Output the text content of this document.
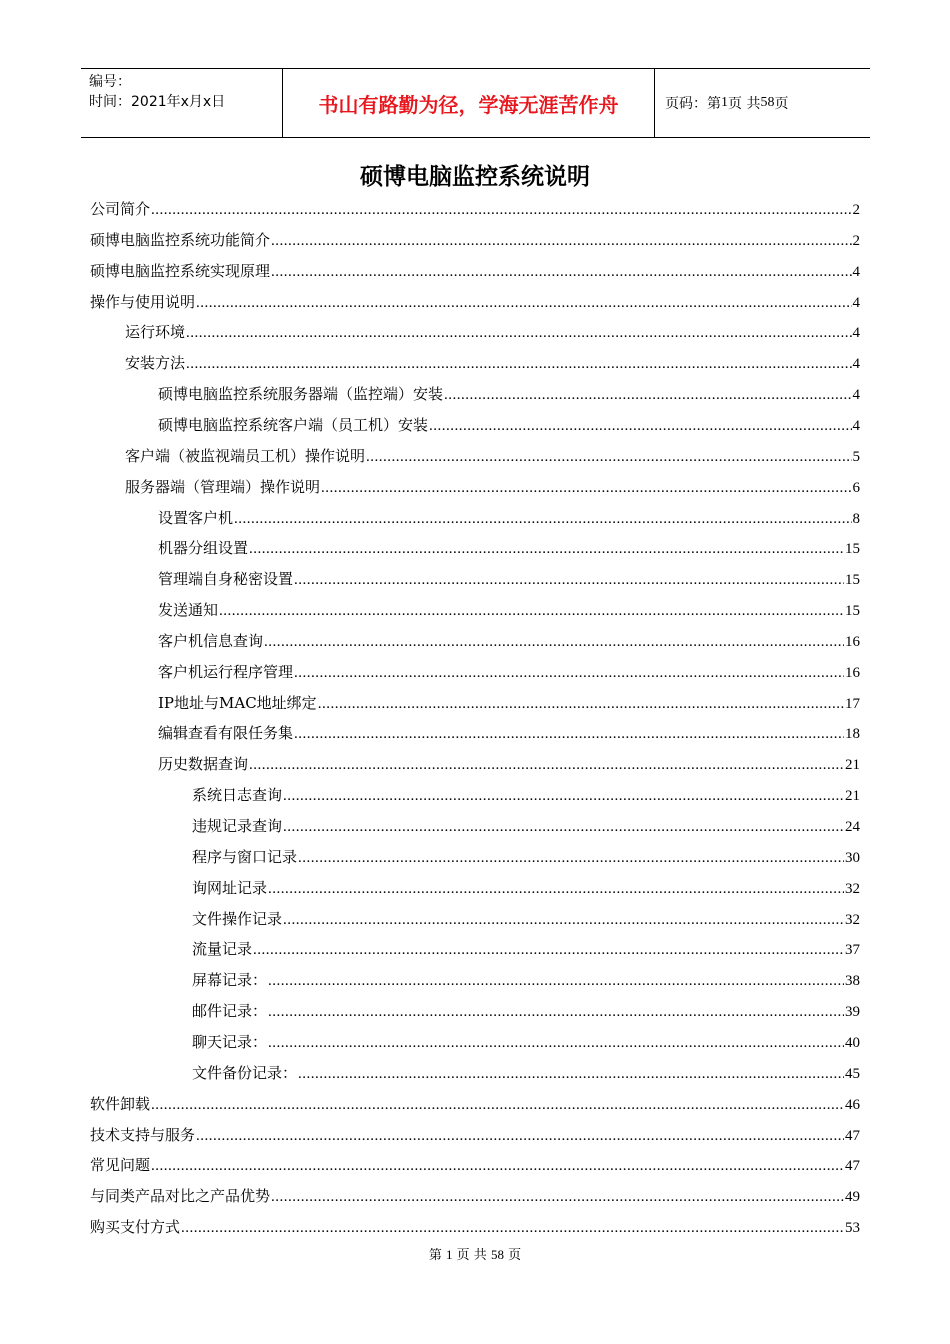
编号：
时间：2021年x月x日	书山有路勤为径，学海无涯苦作舟	页码：第 1 页 共 58 页
硕博电脑监控系统说明
公司简介 .....	2
硕博电脑监控系统功能简介 .....	2
硕博电脑监控系统实现原理 .....	4
操作与使用说明 .....	4
运行环境 .....	4
安装方法 .....	4
硕博电脑监控系统服务器端（监控端）安装 .....	4
硕博电脑监控系统客户端（员工机）安装 .....	4
客户端（被监视端员工机）操作说明 .....	5
服务器端（管理端）操作说明 .....	6
设置客户机 .....	8
机器分组设置 .....	15
管理端自身秘密设置 .....	15
发送通知 .....	15
客户机信息查询 .....	16
客户机运行程序管理 .....	16
IP地址与MAC地址绑定 .....	17
编辑查看有限任务集 .....	18
历史数据查询 .....	21
系统日志查询 .....	21
违规记录查询 .....	24
程序与窗口记录 .....	30
询网址记录 .....	32
文件操作记录 .....	32
流量记录 .....	37
屏幕记录： .....	38
邮件记录： .....	39
聊天记录： .....	40
文件备份记录： .....	45
软件卸载 .....	46
技术支持与服务 .....	47
常见问题 .....	47
与同类产品对比之产品优势 .....	49
购买支付方式 .....	53
第 1 页 共 58 页
